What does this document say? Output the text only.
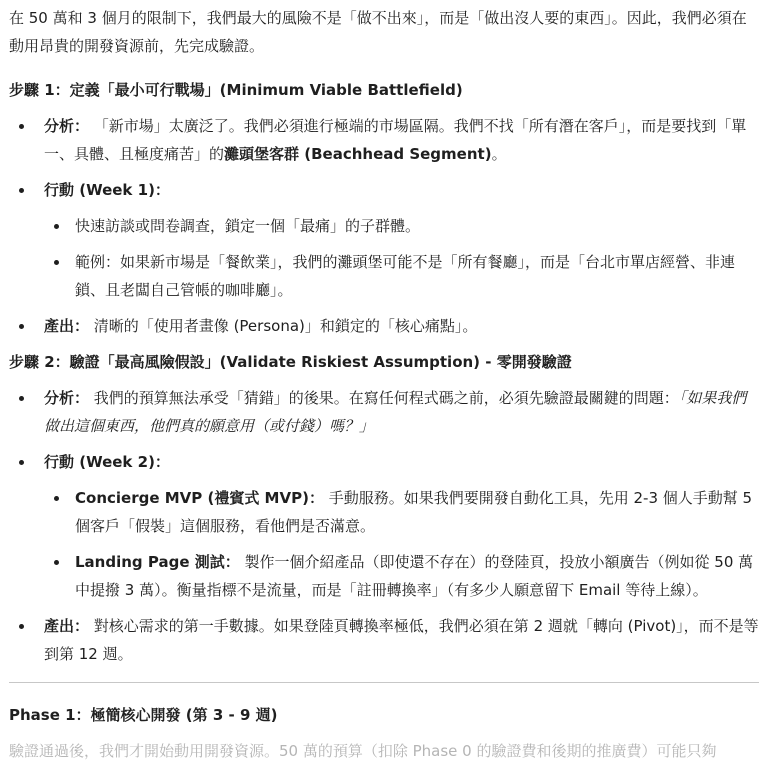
在 50 萬和 3 個月的限制下，我們最大的風險不是「做不出來」，而是「做出沒人要的東西」。因此，我們必須在動用昂貴的開發資源前，先完成驗證。

步驟 1：定義「最小可行戰場」(Minimum Viable Battlefield)
分析： 「新市場」太廣泛了。我們必須進行極端的市場區隔。我們不找「所有潛在客戶」，而是要找到「單一、具體、且極度痛苦」的灘頭堡客群 (Beachhead Segment)。
行動 (Week 1)：
快速訪談或問卷調查，鎖定一個「最痛」的子群體。
範例：如果新市場是「餐飲業」，我們的灘頭堡可能不是「所有餐廳」，而是「台北市單店經營、非連鎖、且老闆自己管帳的咖啡廳」。
產出： 清晰的「使用者畫像 (Persona)」和鎖定的「核心痛點」。
步驟 2：驗證「最高風險假設」(Validate Riskiest Assumption) - 零開發驗證
分析： 我們的預算無法承受「猜錯」的後果。在寫任何程式碼之前，必須先驗證最關鍵的問題：「如果我們做出這個東西，他們真的願意用（或付錢）嗎？」
行動 (Week 2)：
Concierge MVP (禮賓式 MVP)： 手動服務。如果我們要開發自動化工具，先用 2-3 個人手動幫 5 個客戶「假裝」這個服務，看他們是否滿意。
Landing Page 測試： 製作一個介紹產品（即使還不存在）的登陸頁，投放小額廣告（例如從 50 萬中提撥 3 萬）。衡量指標不是流量，而是「註冊轉換率」（有多少人願意留下 Email 等待上線）。
產出： 對核心需求的第一手數據。如果登陸頁轉換率極低，我們必須在第 2 週就「轉向 (Pivot)」，而不是等到第 12 週。
Phase 1：極簡核心開發 (第 3 - 9 週)

驗證通過後，我們才開始動用開發資源。50 萬的預算（扣除 Phase 0 的驗證費和後期的推廣費）可能只夠
